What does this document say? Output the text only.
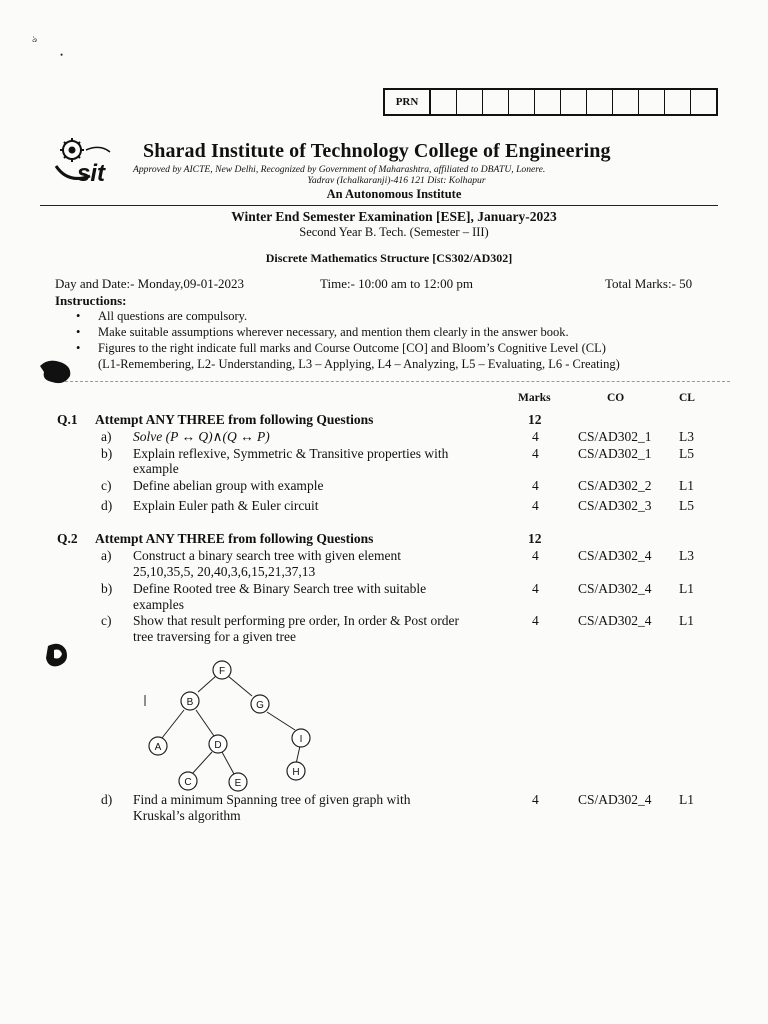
ঌ
•
PRN
sit
Sharad Institute of Technology College of Engineering
Approved by AICTE, New Delhi, Recognized by Government of Maharashtra, affiliated to DBATU, Lonere.
Yadrav (Ichalkaranji)-416 121 Dist: Kolhapur
An Autonomous Institute
Winter End Semester Examination [ESE], January-2023
Second Year B. Tech. (Semester – III)
Discrete Mathematics Structure [CS302/AD302]
Day and Date:- Monday,09-01-2023	Time:- 10:00 am to 12:00 pm	Total Marks:- 50
Instructions:
• All questions are compulsory.
• Make suitable assumptions wherever necessary, and mention them clearly in the answer book.
• Figures to the right indicate full marks and Course Outcome [CO] and Bloom’s Cognitive Level (CL)
(L1-Remembering, L2- Understanding, L3 – Applying, L4 – Analyzing, L5 – Evaluating, L6 - Creating)
Marks	CO	CL
Q.1 Attempt ANY THREE from following Questions	12
a) Solve (P ↔ Q)∧(Q ↔ P)	4	CS/AD302_1 L3
b) Explain reflexive, Symmetric & Transitive properties with
example
4	CS/AD302_1 L5
c) Define abelian group with example	4	CS/AD302_2 L1
d) Explain Euler path & Euler circuit	4	CS/AD302_3 L5
Q.2 Attempt ANY THREE from following Questions	12
a) Construct a binary search tree with given element
25,10,35,5, 20,40,3,6,15,21,37,13
4	CS/AD302_4 L3
b) Define Rooted tree & Binary Search tree with suitable
examples
4	CS/AD302_4 L1
c) Show that result performing pre order, In order & Post order
tree traversing for a given tree
4	CS/AD302_4 L1
F
B	G
A	D
I
C	E
H
d) Find a minimum Spanning tree of given graph with
Kruskal’s algorithm
4	CS/AD302_4 L1
